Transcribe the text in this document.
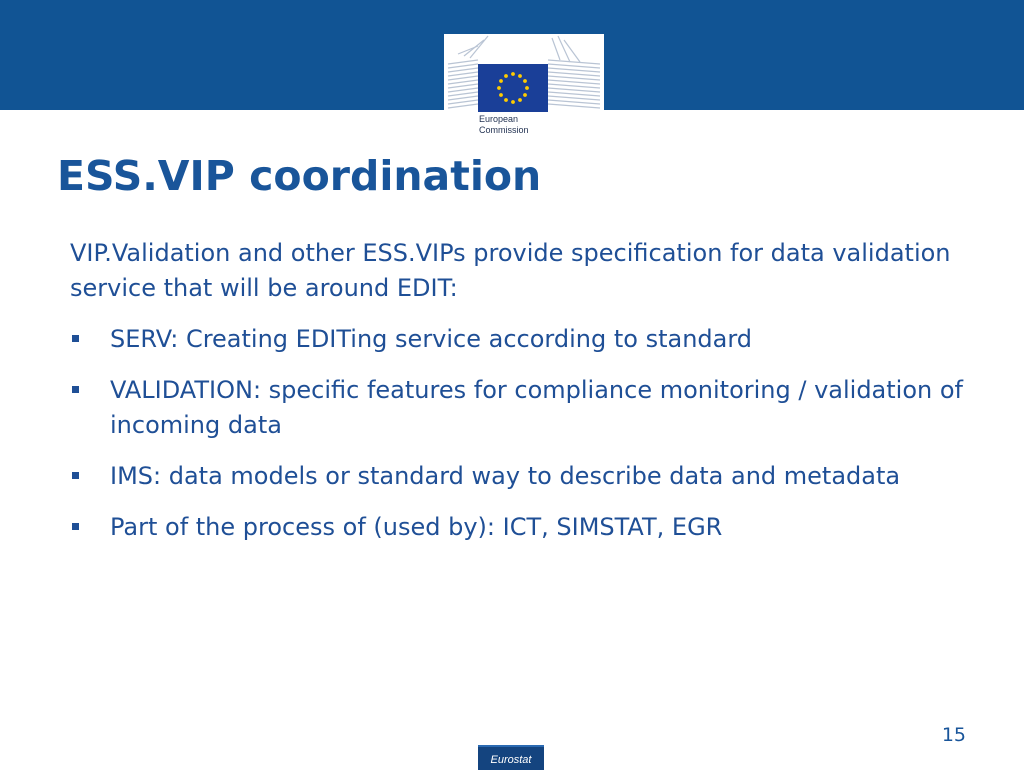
European
Commission
ESS.VIP coordination

VIP.Validation and other ESS.VIPs provide specification for data validation service that will be around EDIT:

SERV: Creating EDITing service according to standard
VALIDATION: specific features for compliance monitoring / validation of incoming data
IMS: data models or standard way to describe data and metadata
Part of the process of (used by): ICT, SIMSTAT, EGR
15
Eurostat
